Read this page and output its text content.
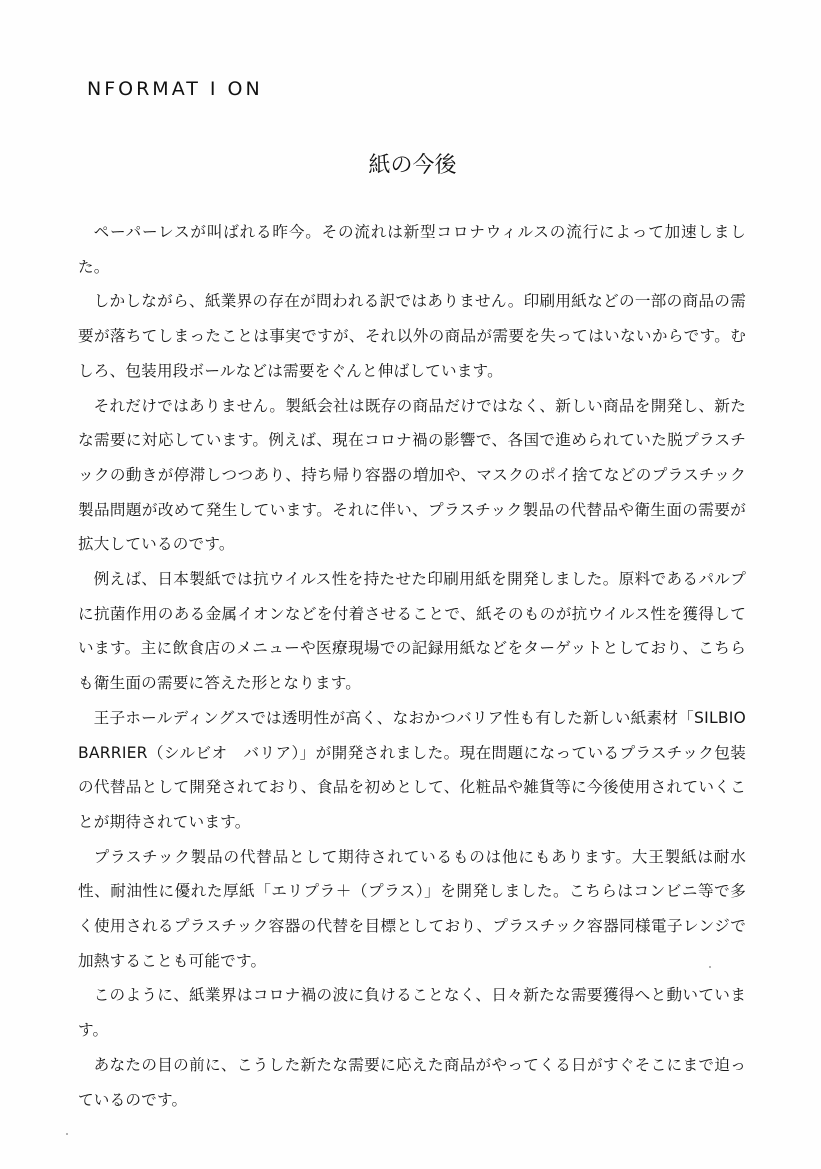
NFORMAT I ON
紙の今後

ペーパーレスが叫ばれる昨今。その流れは新型コロナウィルスの流行によって加速しました。

しかしながら、紙業界の存在が問われる訳ではありません。印刷用紙などの一部の商品の需要が落ちてしまったことは事実ですが、それ以外の商品が需要を失ってはいないからです。むしろ、包装用段ボールなどは需要をぐんと伸ばしています。

それだけではありません。製紙会社は既存の商品だけではなく、新しい商品を開発し、新たな需要に対応しています。例えば、現在コロナ禍の影響で、各国で進められていた脱プラスチックの動きが停滞しつつあり、持ち帰り容器の増加や、マスクのポイ捨てなどのプラスチック製品問題が改めて発生しています。それに伴い、プラスチック製品の代替品や衛生面の需要が拡大しているのです。

例えば、日本製紙では抗ウイルス性を持たせた印刷用紙を開発しました。原料であるパルプに抗菌作用のある金属イオンなどを付着させることで、紙そのものが抗ウイルス性を獲得しています。主に飲食店のメニューや医療現場での記録用紙などをターゲットとしており、こちらも衛生面の需要に答えた形となります。

王子ホールディングスでは透明性が高く、なおかつバリア性も有した新しい紙素材「SILBIO BARRIER（シルビオ　バリア）」が開発されました。現在問題になっているプラスチック包装の代替品として開発されており、食品を初めとして、化粧品や雑貨等に今後使用されていくことが期待されています。

プラスチック製品の代替品として期待されているものは他にもあります。大王製紙は耐水性、耐油性に優れた厚紙「エリプラ＋（プラス）」を開発しました。こちらはコンビニ等で多く使用されるプラスチック容器の代替を目標としており、プラスチック容器同様電子レンジで加熱することも可能です。

このように、紙業界はコロナ禍の波に負けることなく、日々新たな需要獲得へと動いています。

あなたの目の前に、こうした新たな需要に応えた商品がやってくる日がすぐそこにまで迫っているのです。
